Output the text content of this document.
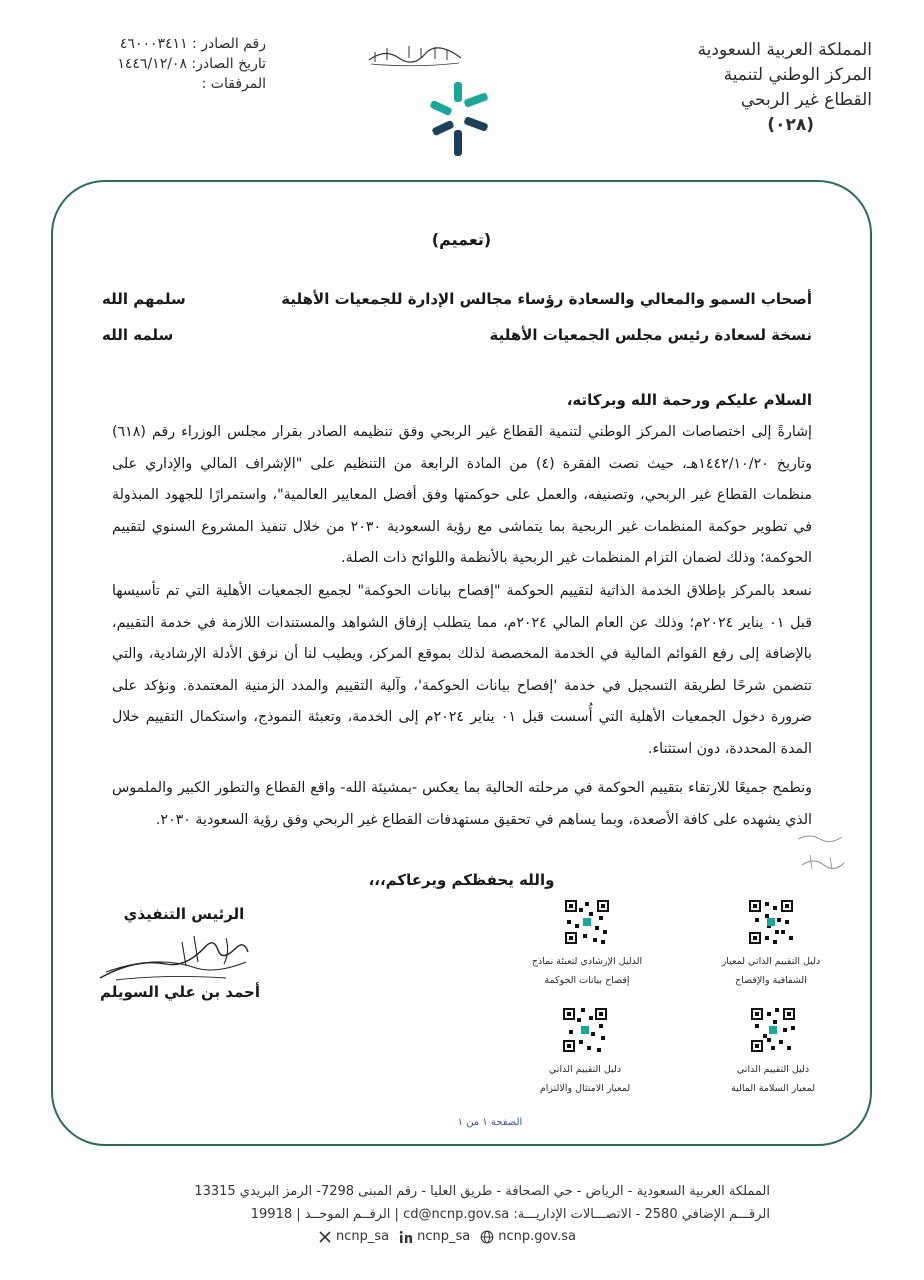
المملكة العربية السعودية
المركز الوطني لتنمية
القطاع غير الربحي
(٠٢٨)
رقم الصادر : ٤٦٠٠٠٣٤١١
تاريخ الصادر: ١٤٤٦/١٢/٠٨
المرفقات :
(تعميم)
أصحاب السمو والمعالي والسعادة رؤساء مجالس الإدارة للجمعيات الأهلية
سلمهم الله
نسخة لسعادة رئيس مجلس الجمعيات الأهلية
سلمه الله
السلام عليكم ورحمة الله وبركاته،

إشارةً إلى اختصاصات المركز الوطني لتنمية القطاع غير الربحي وفق تنظيمه الصادر بقرار مجلس الوزراء رقم (٦١٨) وتاريخ ١٤٤٢/١٠/٢٠هـ، حيث نصت الفقرة (٤) من المادة الرابعة من التنظيم على "الإشراف المالي والإداري على منظمات القطاع غير الربحي، وتصنيفه، والعمل على حوكمتها وفق أفضل المعايير العالمية"، واستمرارًا للجهود المبذولة في تطوير حوكمة المنظمات غير الربحية بما يتماشى مع رؤية السعودية ٢٠٣٠ من خلال تنفيذ المشروع السنوي لتقييم الحوكمة؛ وذلك لضمان التزام المنظمات غير الربحية بالأنظمة واللوائح ذات الصلة.

نسعد بالمركز بإطلاق الخدمة الذاتية لتقييم الحوكمة "إفصاح بيانات الحوكمة" لجميع الجمعيات الأهلية التي تم تأسيسها قبل ٠١ يناير ٢٠٢٤م؛ وذلك عن العام المالي ٢٠٢٤م، مما يتطلب إرفاق الشواهد والمستندات اللازمة في خدمة التقييم، بالإضافة إلى رفع القوائم المالية في الخدمة المخصصة لذلك بموقع المركز، ويطيب لنا أن نرفق الأدلة الإرشادية، والتي تتضمن شرحًا لطريقة التسجيل في خدمة 'إفصاح بيانات الحوكمة'، وآلية التقييم والمدد الزمنية المعتمدة. ونؤكد على ضرورة دخول الجمعيات الأهلية التي أُسست قبل ٠١ يناير ٢٠٢٤م إلى الخدمة، وتعبئة النموذج، واستكمال التقييم خلال المدة المحددة، دون استثناء.

ونطمح جميعًا للارتقاء بتقييم الحوكمة في مرحلته الحالية بما يعكس -بمشيئة الله- واقع القطاع والتطور الكبير والملموس الذي يشهده على كافة الأصعدة، وبما يساهم في تحقيق مستهدفات القطاع غير الربحي وفق رؤية السعودية ٢٠٣٠.

والله يحفظكم ويرعاكم،،،
دليل التقييم الذاتي لمعيار
الشفافية والإفصاح
الدليل الإرشادي لتعبئة نماذج
إفصاح بيانات الحوكمة
دليل التقييم الذاتي
لمعيار السلامة المالية
دليل التقييم الذاتي
لمعيار الامتثال والالتزام
الرئيس التنفيذي
أحمد بن علي السويلم
الصفحة ١ من ١
المملكة العربية السعودية - الرياض - حي الصحافة - طريق العليا - رقم المبنى 7298- الرمز البريدي 13315
الرقـــم الإضافي 2580 - الاتصـــالات الإداريـــة: cd@ncnp.gov.sa | الرقــم الموحــد | 19918
ncnp_sa ncnp_sa ncnp.gov.sa
